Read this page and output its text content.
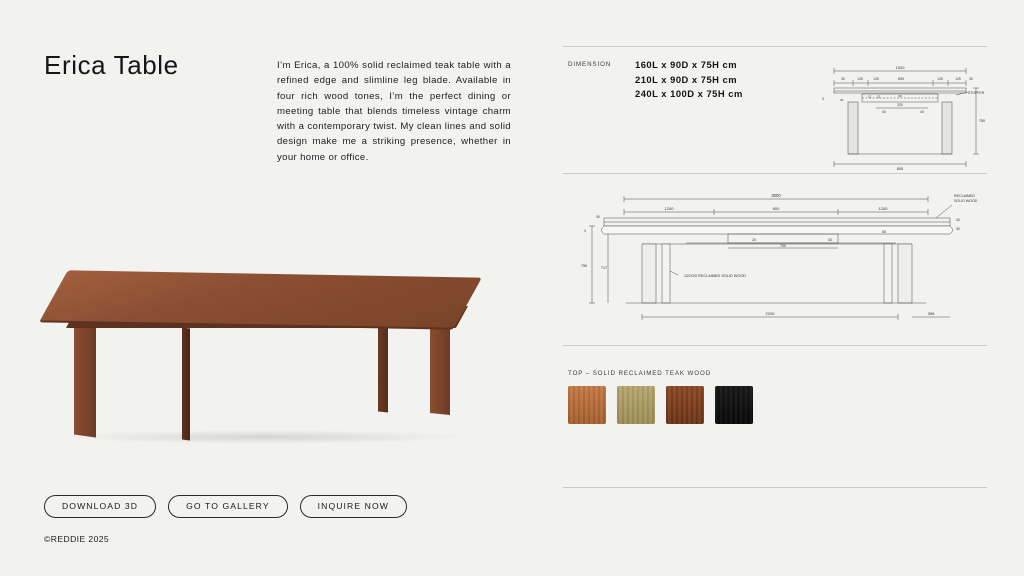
Erica Table	I’m Erica, a 100% solid reclaimed teak table with a refined edge and slimline leg blade. Available in four rich wood tones, I’m the perfect dining or meeting table that blends timeless vintage charm with a contemporary twist. My clean lines and solid design make me a striking presence, whether in your home or office.
DOWNLOAD 3D	GO TO GALLERY	INQUIRE NOW
©REDDIE 2025
DIMENSION	160L x 90D x 75H cm
210L x 90D x 75H cm
240L x 100D x 75H cm
1000
30	125	125	690	125	125	30
12 22	60
320
40	40
3	30
750
805
STOPPER
3000
1200	800	1200
30
3
30
30
RECLAIMED
SOLID WOOD
20	33
80
700
120X20 RECLAIMED SOLID WOOD
750	717
2205	398
TOP – SOLID RECLAIMED TEAK WOOD
